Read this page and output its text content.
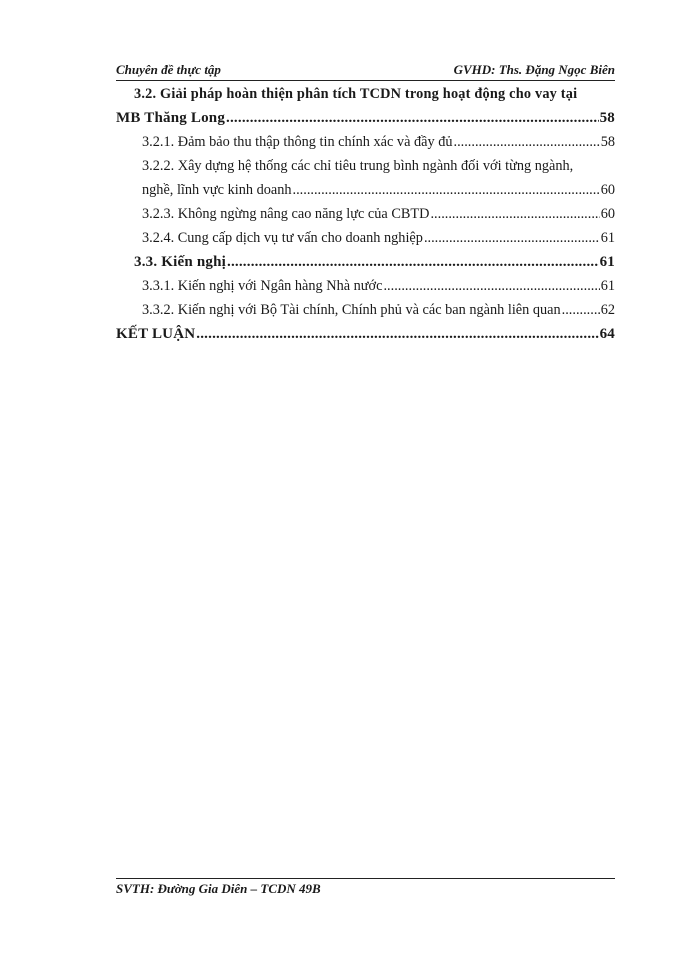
Chuyên đề thực tập	GVHD: Ths. Đặng Ngọc Biên
3.2. Giải pháp hoàn thiện phân tích TCDN trong hoạt động cho vay tại
MB Thăng Long .....	58
3.2.1. Đảm bảo thu thập thông tin chính xác và đầy đủ .....	58
3.2.2. Xây dựng hệ thống các chỉ tiêu trung bình ngành đối với từng ngành,
nghề, lĩnh vực kinh doanh .....	60
3.2.3. Không ngừng nâng cao năng lực của CBTD .....	60
3.2.4. Cung cấp dịch vụ tư vấn cho doanh nghiệp .....	61
3.3. Kiến nghị .....	61
3.3.1. Kiến nghị với Ngân hàng Nhà nước .....	61
3.3.2. Kiến nghị với Bộ Tài chính, Chính phủ và các ban ngành liên quan .....	62
KẾT LUẬN .....	64
SVTH: Đường Gia Diên – TCDN 49B
